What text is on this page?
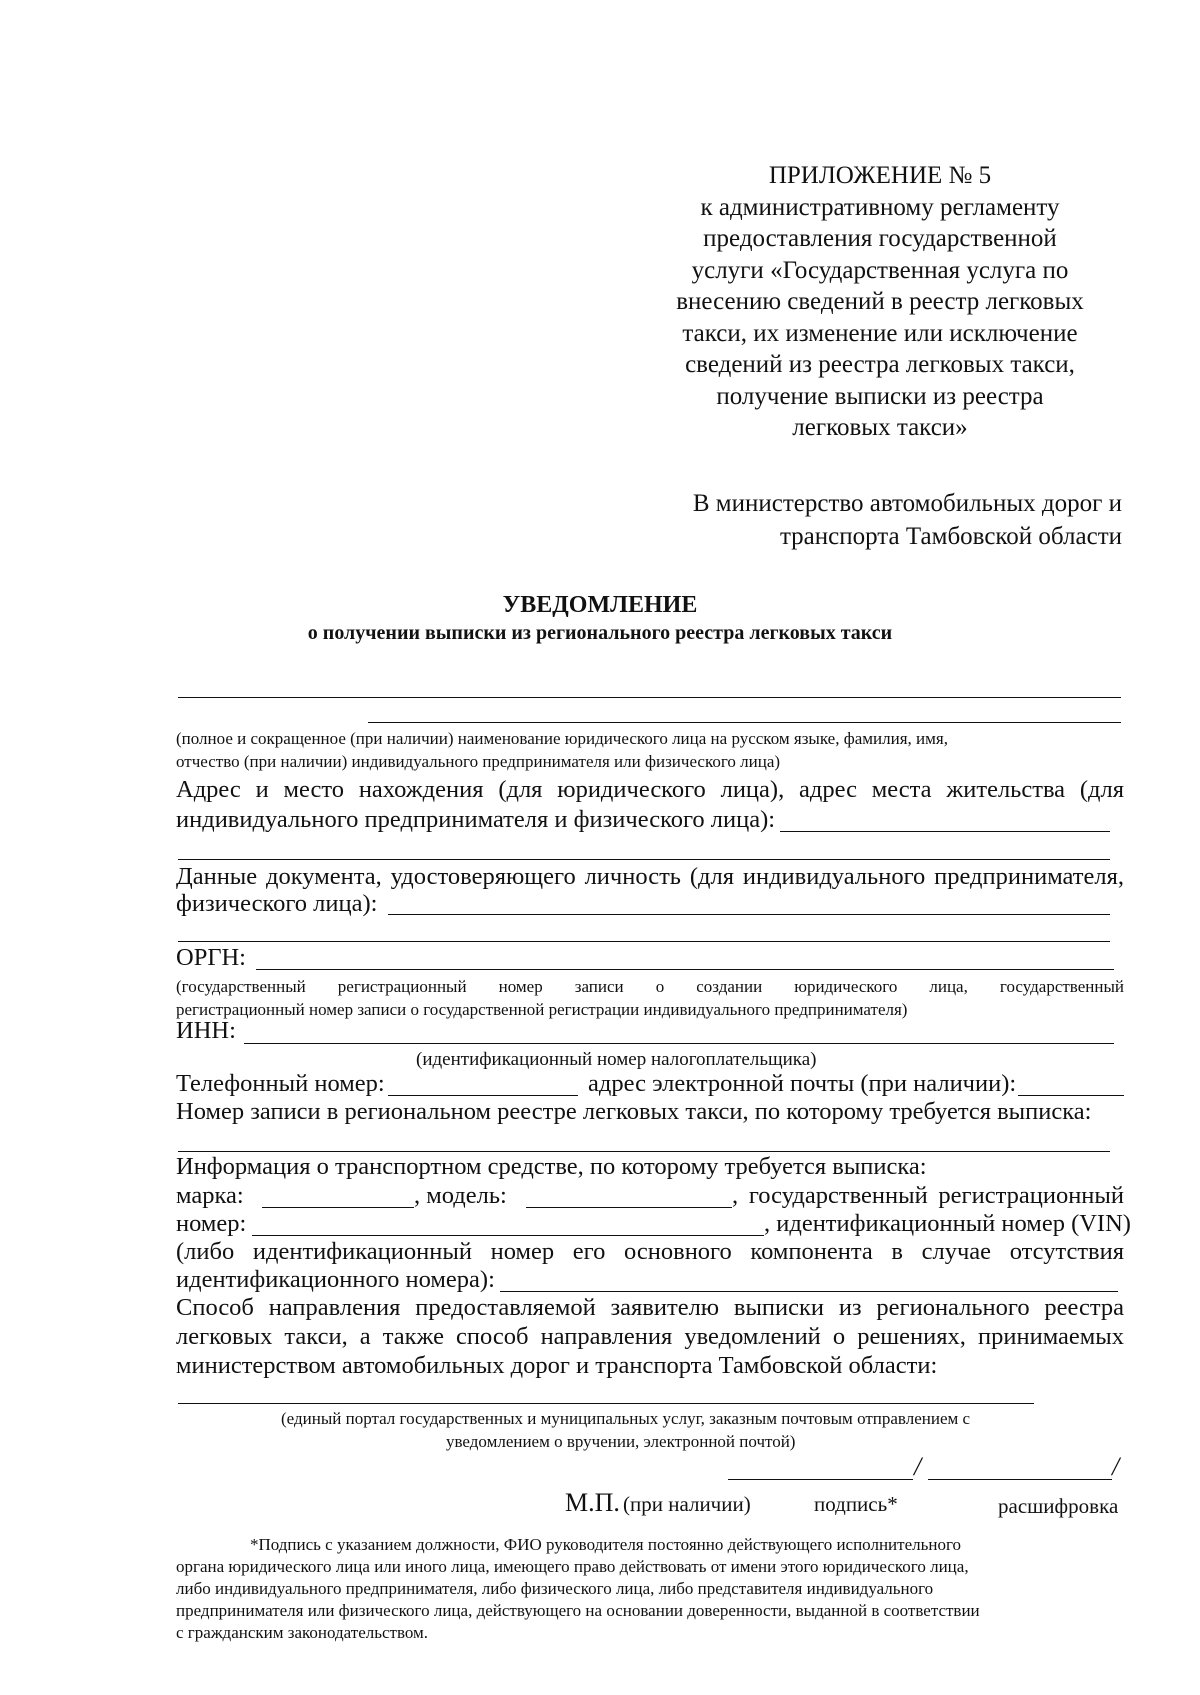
ПРИЛОЖЕНИЕ № 5
к административному регламенту
предоставления государственной
услуги «Государственная услуга по
внесению сведений в реестр легковых
такси, их изменение или исключение
сведений из реестра легковых такси,
получение выписки из реестра
легковых такси»
В министерство автомобильных дорог и
транспорта Тамбовской области
УВЕДОМЛЕНИЕ
о получении выписки из регионального реестра легковых такси
(полное и сокращенное (при наличии) наименование юридического лица на русском языке, фамилия, имя,
отчество (при наличии) индивидуального предпринимателя или физического лица)
Адрес и место нахождения (для юридического лица), адрес места жительства (для
индивидуального предпринимателя и физического лица):
Данные документа, удостоверяющего личность (для индивидуального предпринимателя,
физического лица):
ОРГН:
(государственный регистрационный номер записи о создании юридического лица, государственный
регистрационный номер записи о государственной регистрации индивидуального предпринимателя)
ИНН:
(идентификационный номер налогоплательщика)
Телефонный номер:	адрес электронной почты (при наличии):
Номер записи в региональном реестре легковых такси, по которому требуется выписка:
Информация о транспортном средстве, по которому требуется выписка:
марка:	, модель:	, государственный регистрационный
номер:	, идентификационный номер (VIN)
(либо идентификационный номер его основного компонента в случае отсутствия
идентификационного номера):
Способ направления предоставляемой заявителю выписки из регионального реестра
легковых такси, а также способ направления уведомлений о решениях, принимаемых
министерством автомобильных дорог и транспорта Тамбовской области:
(единый портал государственных и муниципальных услуг, заказным почтовым отправлением с
уведомлением о вручении, электронной почтой)
/	/
М.П. (при наличии)	подпись*	расшифровка
*Подпись с указанием должности, ФИО руководителя постоянно действующего исполнительного
органа юридического лица или иного лица, имеющего право действовать от имени этого юридического лица,
либо индивидуального предпринимателя, либо физического лица, либо представителя индивидуального
предпринимателя или физического лица, действующего на основании доверенности, выданной в соответствии
с гражданским законодательством.
